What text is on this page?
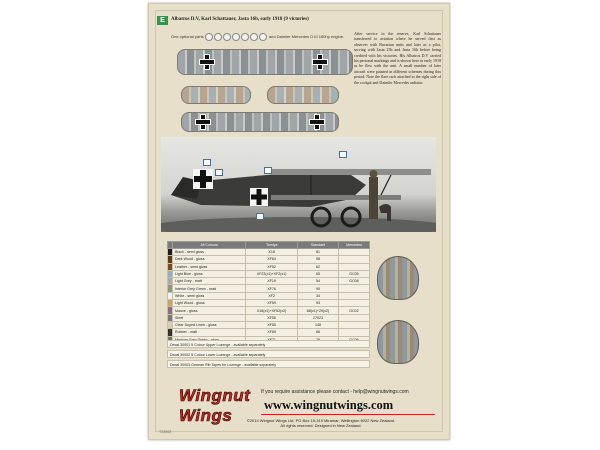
E	Albatros D.V, Karl Schattauer, Jasta 16b, early 1918 (9 victories)
One optional parts	and Daimler Mercedes D.III 160hp engine.
After service in the reserve, Karl Schattauer transferred to aviation where he served first as observer with Bavarian units and later as a pilot, serving with Jasta 23b and Jasta 16b before being credited with his victories. His Albatros D.V carried his personal markings and is shown here in early 1918 as he flew with the unit. A small number of later aircraft were painted in different schemes during this period. Note the flare rack attached to the right side of the cockpit and Daimler Mercedes radiator.
	All Colours	Tamiya	Standard	Mercedes
	Black - semi gloss	X18	81	
	Dark Wood - gloss	XF64	98	
	Leather - semi gloss	XF52	62	
	Light Blue - gloss	XF23(x1)+XF2(x1)	65	GC05
	Light Grey - matt	XF19	54	GC08
	Interior Grey Green - matt	XF76	90	
	White - semi gloss	XF2	34	
	Light Wood - gloss	XF59	93	
	Mauve - gloss	X16(x1)+XF52(x2)	68(x1)+29(x2)	GC02
	Steel	XF56	27023	
	Clear Doped Linen - gloss	XF55	148	
	Rubber - matt	XF69	66	

Decal 30001 5 Colour Upper Lozenge - available separately
Decal 30002 5 Colour Lower Lozenge - available separately
Decal 30003 German Rib Tapes for Lozenge - available separately
Wingnut
Wings
If you require assistance please contact - help@wingnutwings.com
www.wingnutwings.com
©2014 Wingnut Wings Ltd, PO Box 15-319 Miramar, Wellington 6022 New Zealand.
All rights reserved. Designed in New Zealand.
T23002
